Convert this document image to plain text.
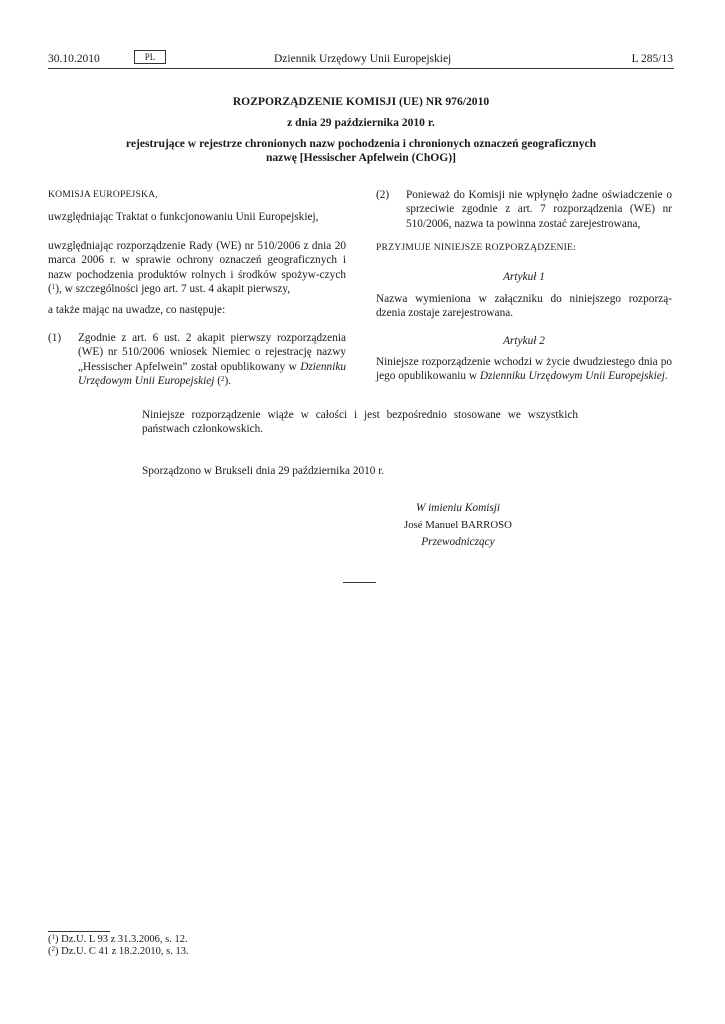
30.10.2010	PL	Dziennik Urzędowy Unii Europejskiej	L 285/13
ROZPORZĄDZENIE KOMISJI (UE) NR 976/2010
z dnia 29 października 2010 r.
rejestrujące w rejestrze chronionych nazw pochodzenia i chronionych oznaczeń geograficznych
nazwę [Hessischer Apfelwein (ChOG)]
KOMISJA EUROPEJSKA,
uwzględniając Traktat o funkcjonowaniu Unii Europejskiej,
uwzględniając rozporządzenie Rady (WE) nr 510/2006 z dnia 20 marca 2006 r. w sprawie ochrony oznaczeń geograficznych i nazw pochodzenia produktów rolnych i środków spożyw-czych ($^1$), w szczególności jego art. 7 ust. 4 akapit pierwszy,
a także mając na uwadze, co następuje:
(1) Zgodnie z art. 6 ust. 2 akapit pierwszy rozporządzenia (WE) nr 510/2006 wniosek Niemiec o rejestrację nazwy „Hessischer Apfelwein” został opublikowany w Dzienniku Urzędowym Unii Europejskiej ($^2$).
(2) Ponieważ do Komisji nie wpłynęło żadne oświadczenie o sprzeciwie zgodnie z art. 7 rozporządzenia (WE) nr 510/2006, nazwa ta powinna zostać zarejestrowana,
PRZYJMUJE NINIEJSZE ROZPORZĄDZENIE:
Artykuł 1
Nazwa wymieniona w załączniku do niniejszego rozporzą-dzenia zostaje zarejestrowana.
Artykuł 2
Niniejsze rozporządzenie wchodzi w życie dwudziestego dnia po jego opublikowaniu w Dzienniku Urzędowym Unii Europejskiej.
Niniejsze rozporządzenie wiąże w całości i jest bezpośrednio stosowane we wszystkich państwach członkowskich.
Sporządzono w Brukseli dnia 29 października 2010 r.
W imieniu Komisji
José Manuel BARROSO
Przewodniczący
($^1$) Dz.U. L 93 z 31.3.2006, s. 12.
($^2$) Dz.U. C 41 z 18.2.2010, s. 13.
